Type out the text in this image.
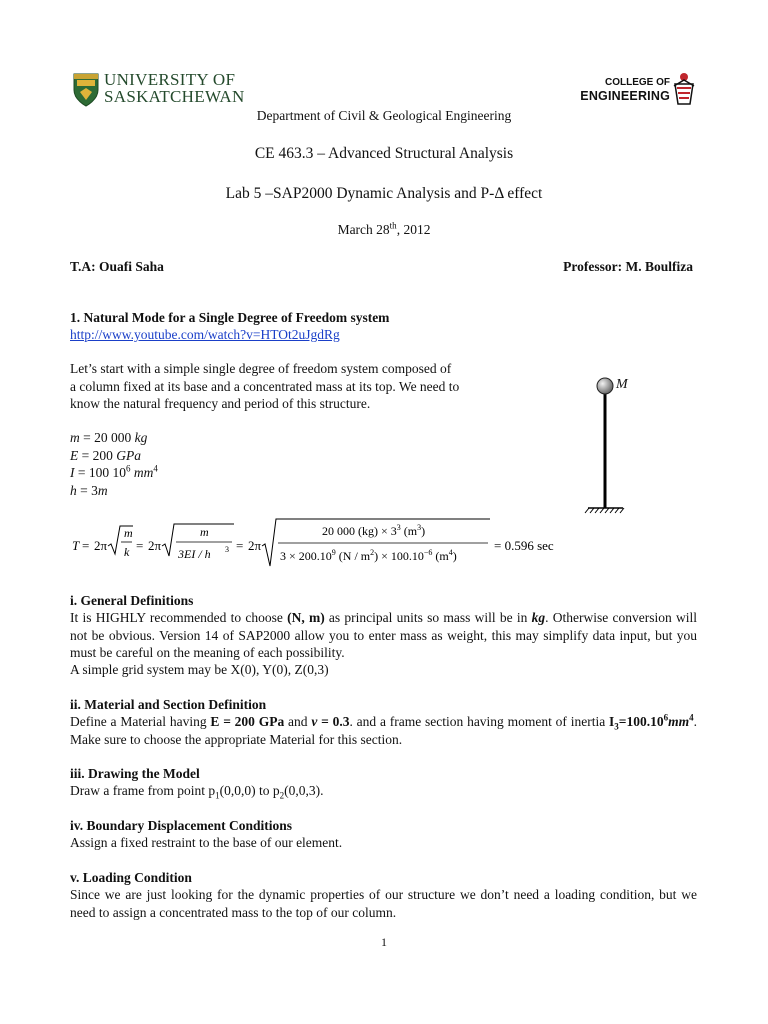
UNIVERSITY OF
SASKATCHEWAN
COLLEGE OF
ENGINEERING
Department of Civil & Geological Engineering
CE 463.3 – Advanced Structural Analysis
Lab 5 –SAP2000 Dynamic Analysis and P-Δ effect
March 28th, 2012
T.A: Ouafi Saha	Professor: M. Boulfiza
1. Natural Mode for a Single Degree of Freedom system
http://www.youtube.com/watch?v=HTOt2uJgdRg
Let’s start with a simple single degree of freedom system composed of
a column fixed at its base and a concentrated mass at its top. We need to
know the natural frequency and period of this structure.
m = 20 000 kg
E = 200 GPa
I = 100 $10^6$ $mm^4$
h = 3m
M
T = 2π
m
k = 2π
m
3EI / h 3 = 2π
20 000 $(kg) \times 3^3$ $(m^3)$
$3 \times 200.10^9$ $(N / m^2) \times 100.10^{-6}$ $(m^4)$
= 0.596 sec
i. General Definitions
It is HIGHLY recommended to choose (N, m) as principal units so mass will be in kg. Otherwise conversion will not be obvious. Version 14 of SAP2000 allow you to enter mass as weight, this may simplify data input, but you must be careful on the meaning of each possibility.
A simple grid system may be X(0), Y(0), Z(0,3)
ii. Material and Section Definition
Define a Material having E = 200 GPa and v = 0.3. and a frame section having moment of inertia $I_3=100.10^6mm^4$. Make sure to choose the appropriate Material for this section.
iii. Drawing the Model
Draw a frame from point $p_1(0,0,0)$ to $p_2(0,0,3)$.
iv. Boundary Displacement Conditions
Assign a fixed restraint to the base of our element.
v. Loading Condition
Since we are just looking for the dynamic properties of our structure we don’t need a loading condition, but we need to assign a concentrated mass to the top of our column.
1
